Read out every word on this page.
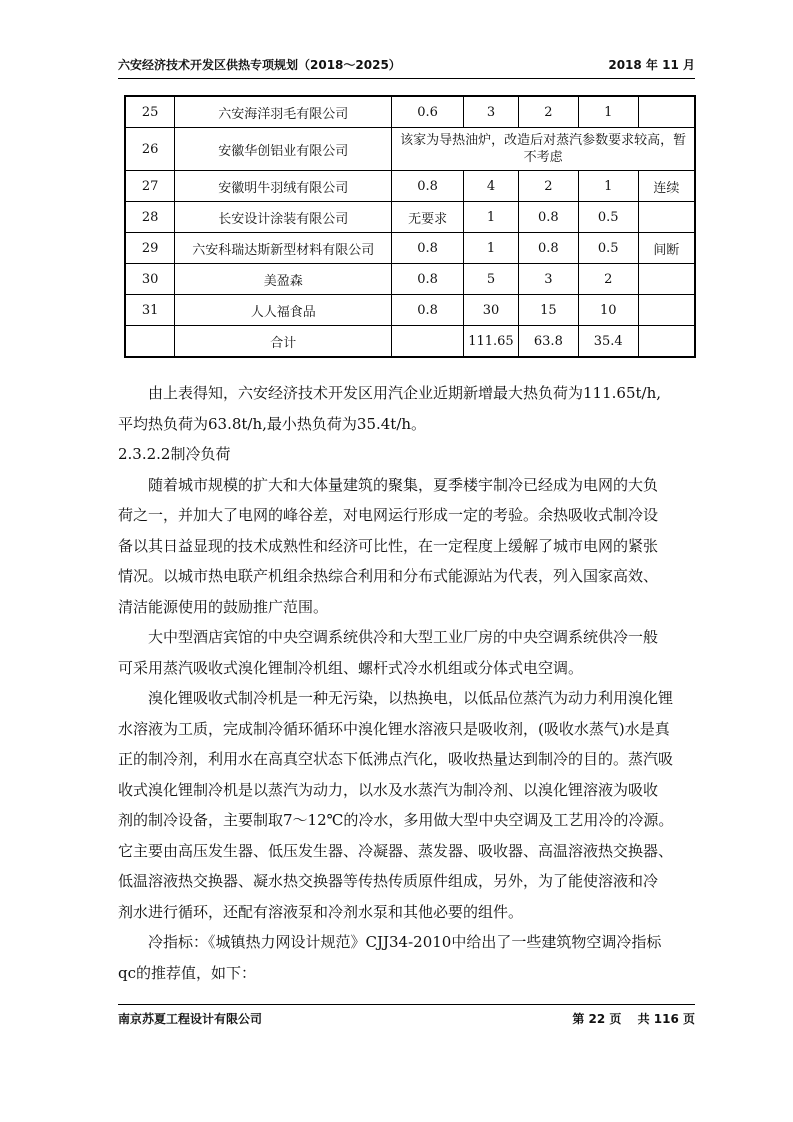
六安经济技术开发区供热专项规划（2018～2025）	2018 年 11 月
25	六安海洋羽毛有限公司	0.6	3	2	1	
26	安徽华创铝业有限公司	该家为导热油炉，改造后对蒸汽参数要求较高，暂不考虑				
27	安徽明牛羽绒有限公司	0.8	4	2	1	连续
28	长安设计涂装有限公司	无要求	1	0.8	0.5	
29	六安科瑞达斯新型材料有限公司	0.8	1	0.8	0.5	间断
30	美盈森	0.8	5	3	2	
31	人人福食品	0.8	30	15	10	
	合计		111.65	63.8	35.4	

由上表得知，六安经济技术开发区用汽企业近期新增最大热负荷为111.65t/h,
平均热负荷为63.8t/h,最小热负荷为35.4t/h。

2.3.2.2制冷负荷

随着城市规模的扩大和大体量建筑的聚集，夏季楼宇制冷已经成为电网的大负
荷之一，并加大了电网的峰谷差，对电网运行形成一定的考验。余热吸收式制冷设
备以其日益显现的技术成熟性和经济可比性，在一定程度上缓解了城市电网的紧张
情况。以城市热电联产机组余热综合利用和分布式能源站为代表，列入国家高效、
清洁能源使用的鼓励推广范围。

大中型酒店宾馆的中央空调系统供冷和大型工业厂房的中央空调系统供冷一般
可采用蒸汽吸收式溴化锂制冷机组、螺杆式冷水机组或分体式电空调。

溴化锂吸收式制冷机是一种无污染，以热换电，以低品位蒸汽为动力利用溴化锂
水溶液为工质，完成制冷循环循环中溴化锂水溶液只是吸收剂，(吸收水蒸气)水是真
正的制冷剂，利用水在高真空状态下低沸点汽化，吸收热量达到制冷的目的。蒸汽吸
收式溴化锂制冷机是以蒸汽为动力，以水及水蒸汽为制冷剂、以溴化锂溶液为吸收
剂的制冷设备，主要制取7～12℃的冷水，多用做大型中央空调及工艺用冷的冷源。
它主要由高压发生器、低压发生器、冷凝器、蒸发器、吸收器、高温溶液热交换器、
低温溶液热交换器、凝水热交换器等传热传质原件组成，另外，为了能使溶液和冷
剂水进行循环，还配有溶液泵和冷剂水泵和其他必要的组件。

冷指标：《城镇热力网设计规范》CJJ34-2010中给出了一些建筑物空调冷指标
qc的推荐值，如下：

南京苏夏工程设计有限公司	第 22 页　 共 116 页
